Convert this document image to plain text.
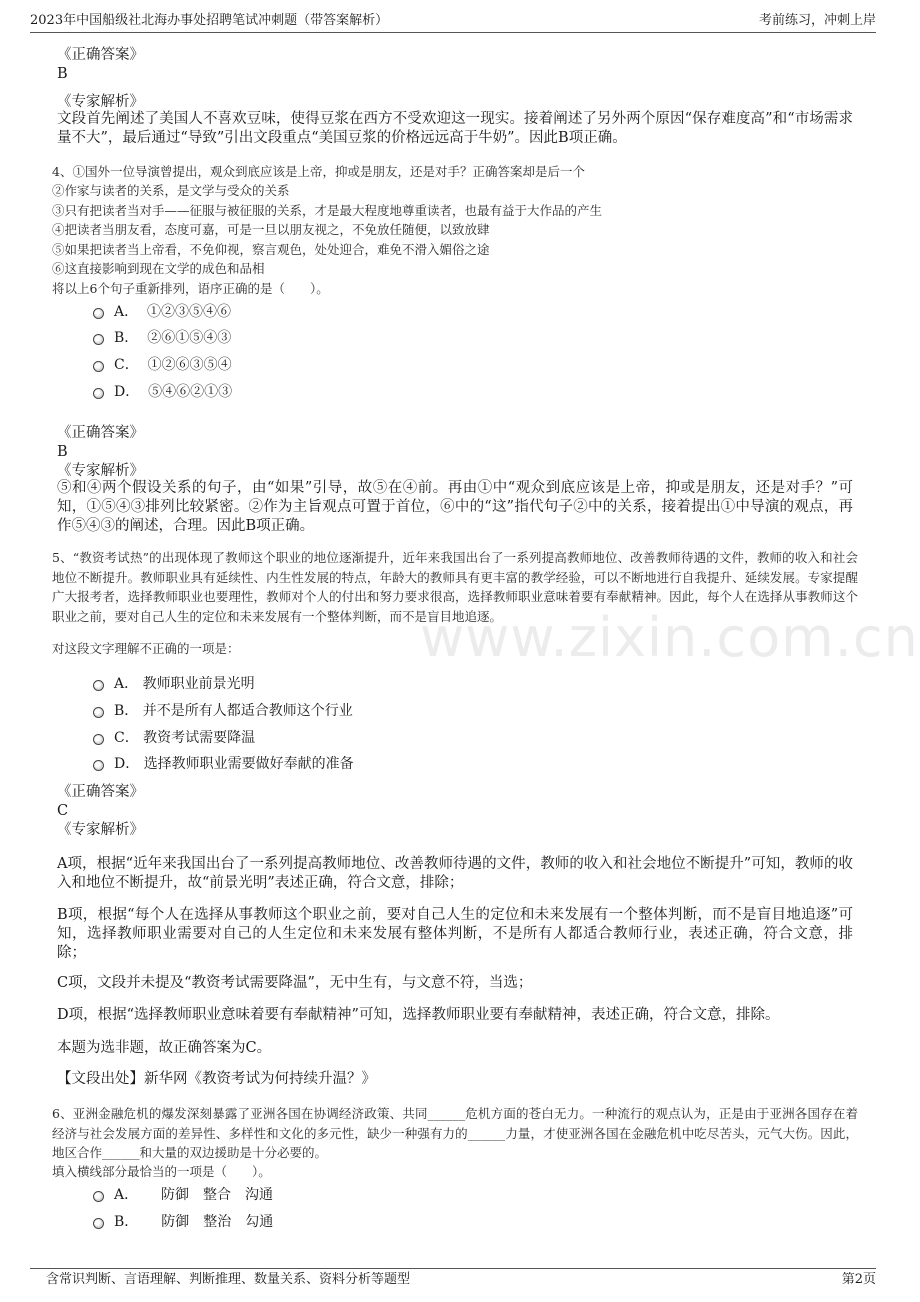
2023年中国船级社北海办事处招聘笔试冲刺题（带答案解析）	考前练习，冲刺上岸
www.zixin.com.cn
《正确答案》
B
《专家解析》
文段首先阐述了美国人不喜欢豆味，使得豆浆在西方不受欢迎这一现实。接着阐述了另外两个原因“保存难度高”和“市场需求量不大”，最后通过“导致”引出文段重点“美国豆浆的价格远远高于牛奶”。因此B项正确。
4、①国外一位导演曾提出，观众到底应该是上帝，抑或是朋友，还是对手？正确答案却是后一个
②作家与读者的关系，是文学与受众的关系
③只有把读者当对手——征服与被征服的关系，才是最大程度地尊重读者，也最有益于大作品的产生
④把读者当朋友看，态度可嘉，可是一旦以朋友视之，不免放任随便，以致放肆
⑤如果把读者当上帝看，不免仰视，察言观色，处处迎合，难免不滑入媚俗之途
⑥这直接影响到现在文学的成色和品相
将以上6个句子重新排列，语序正确的是（　　）。
A． ①②③⑤④⑥
B． ②⑥①⑤④③
C． ①②⑥③⑤④
D． ⑤④⑥②①③
《正确答案》
B
《专家解析》
⑤和④两个假设关系的句子，由“如果”引导，故⑤在④前。再由①中“观众到底应该是上帝，抑或是朋友，还是对手？”可知，①⑤④③排列比较紧密。②作为主旨观点可置于首位，⑥中的“这”指代句子②中的关系，接着提出①中导演的观点，再作⑤④③的阐述，合理。因此B项正确。
5、“教资考试热”的出现体现了教师这个职业的地位逐渐提升，近年来我国出台了一系列提高教师地位、改善教师待遇的文件，教师的收入和社会地位不断提升。教师职业具有延续性、内生性发展的特点，年龄大的教师具有更丰富的教学经验，可以不断地进行自我提升、延续发展。专家提醒广大报考者，选择教师职业也要理性，教师对个人的付出和努力要求很高，选择教师职业意味着要有奉献精神。因此，每个人在选择从事教师这个职业之前，要对自己人生的定位和未来发展有一个整体判断，而不是盲目地追逐。
对这段文字理解不正确的一项是：
A． 教师职业前景光明
B． 并不是所有人都适合教师这个行业
C． 教资考试需要降温
D． 选择教师职业需要做好奉献的准备
《正确答案》
C
《专家解析》
A项，根据“近年来我国出台了一系列提高教师地位、改善教师待遇的文件，教师的收入和社会地位不断提升”可知，教师的收入和地位不断提升，故“前景光明”表述正确，符合文意，排除；
B项，根据“每个人在选择从事教师这个职业之前，要对自己人生的定位和未来发展有一个整体判断，而不是盲目地追逐”可知，选择教师职业需要对自己的人生定位和未来发展有整体判断，不是所有人都适合教师行业，表述正确，符合文意，排除；
C项，文段并未提及“教资考试需要降温”，无中生有，与文意不符，当选；
D项，根据“选择教师职业意味着要有奉献精神”可知，选择教师职业要有奉献精神，表述正确，符合文意，排除。
本题为选非题，故正确答案为C。
【文段出处】新华网《教资考试为何持续升温？》
6、亚洲金融危机的爆发深刻暴露了亚洲各国在协调经济政策、共同______危机方面的苍白无力。一种流行的观点认为，正是由于亚洲各国存在着经济与社会发展方面的差异性、多样性和文化的多元性，缺少一种强有力的______力量，才使亚洲各国在金融危机中吃尽苦头，元气大伤。因此，地区合作______和大量的双边援助是十分必要的。
填入横线部分最恰当的一项是（　　）。
A． 防御 整合 沟通
B． 防御 整治 勾通
含常识判断、言语理解、判断推理、数量关系、资料分析等题型	第2页
